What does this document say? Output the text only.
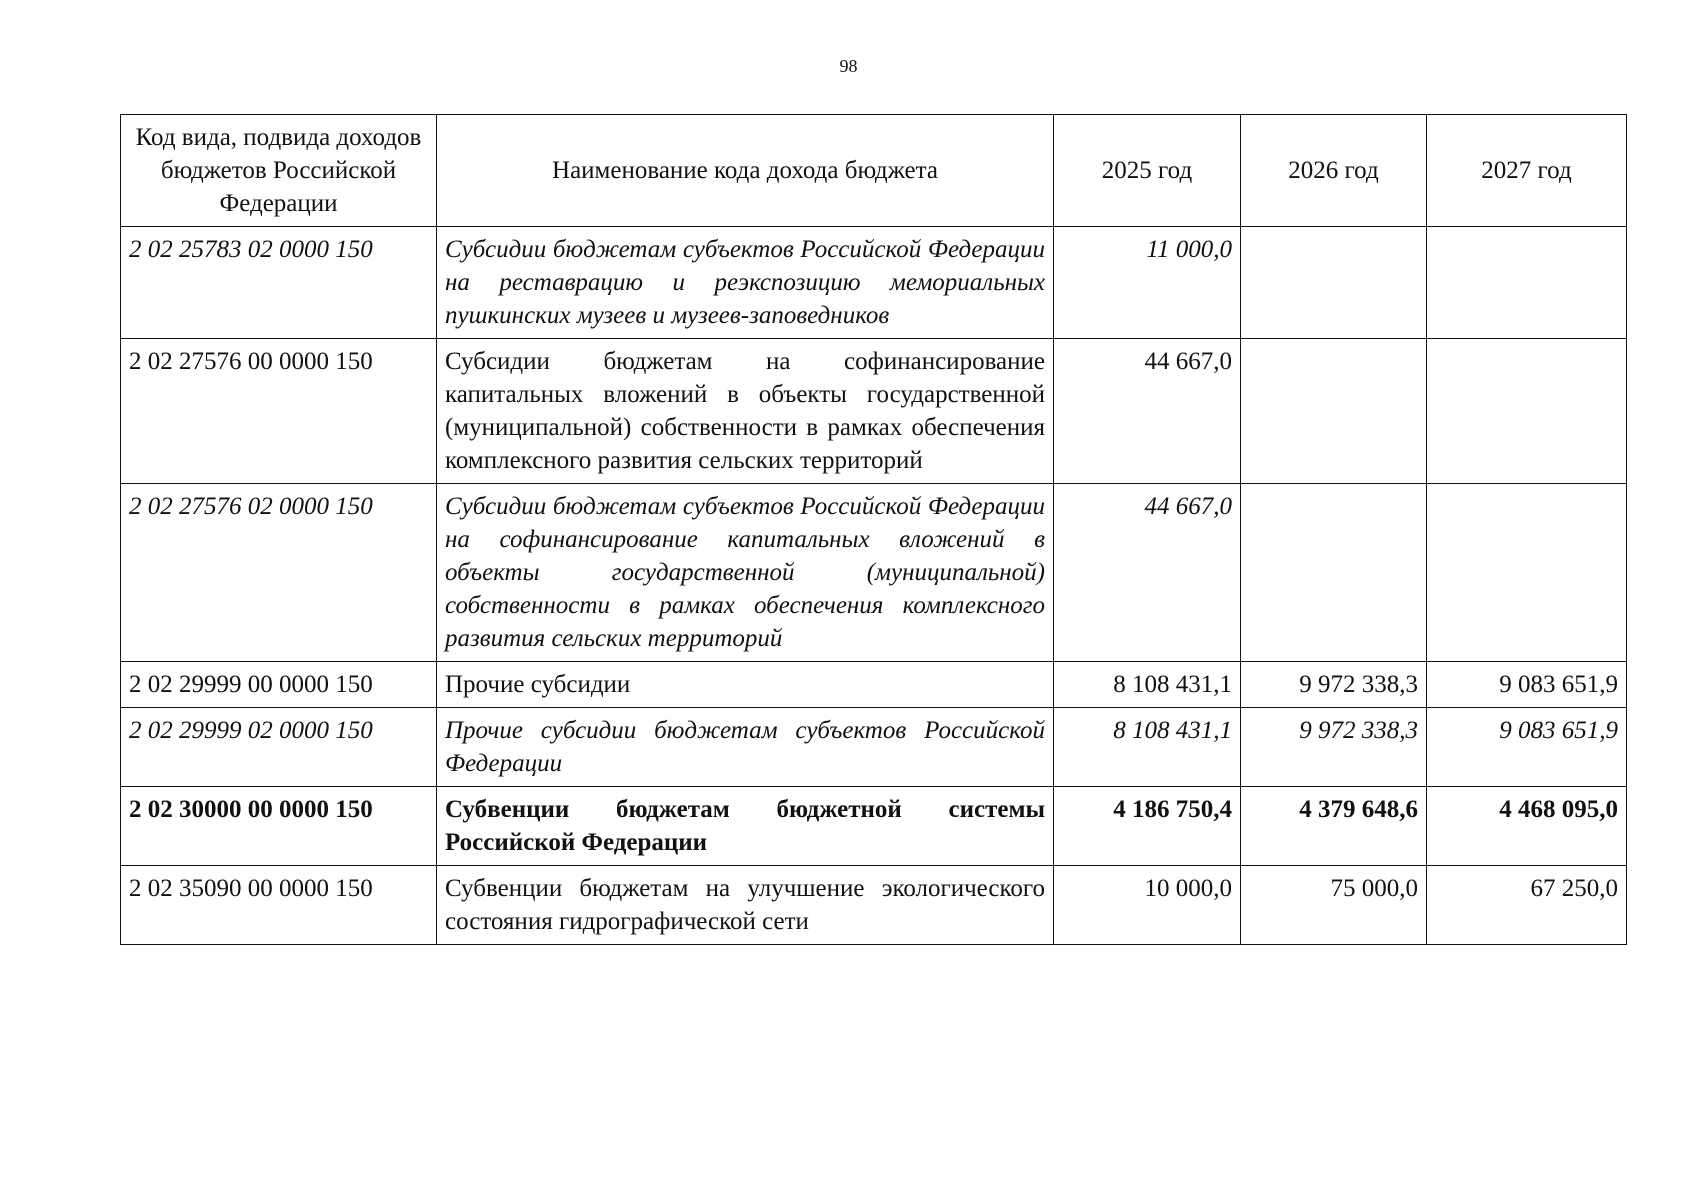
98
Код вида, подвида доходов бюджетов Российской Федерации	Наименование кода дохода бюджета	2025 год	2026 год	2027 год
2 02 25783 02 0000 150	Субсидии бюджетам субъектов Российской Федерации на реставрацию и реэкспозицию мемориальных пушкинских музеев и музеев-заповедников	11 000,0		
2 02 27576 00 0000 150	Субсидии бюджетам на софинансирование капитальных вложений в объекты государственной (муниципальной) собственности в рамках обеспечения комплексного развития сельских территорий	44 667,0		
2 02 27576 02 0000 150	Субсидии бюджетам субъектов Российской Федерации на софинансирование капитальных вложений в объекты государственной (муниципальной) собственности в рамках обеспечения комплексного развития сельских территорий	44 667,0		
2 02 29999 00 0000 150	Прочие субсидии	8 108 431,1	9 972 338,3	9 083 651,9
2 02 29999 02 0000 150	Прочие субсидии бюджетам субъектов Российской Федерации	8 108 431,1	9 972 338,3	9 083 651,9
2 02 30000 00 0000 150	Субвенции бюджетам бюджетной системы Российской Федерации	4 186 750,4	4 379 648,6	4 468 095,0
2 02 35090 00 0000 150	Субвенции бюджетам на улучшение экологического состояния гидрографической сети	10 000,0	75 000,0	67 250,0
